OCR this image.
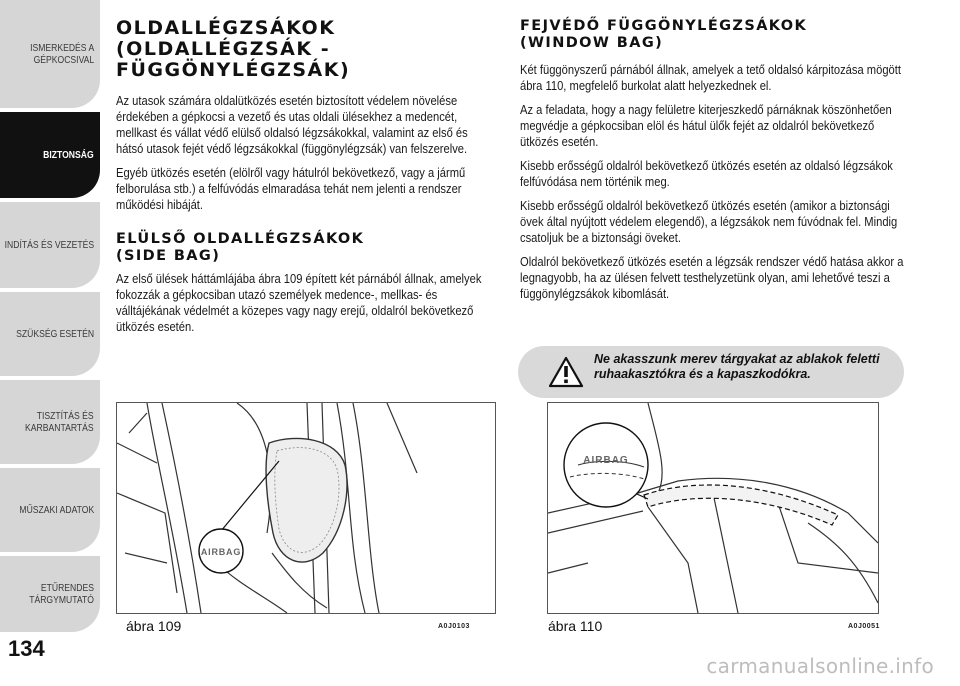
ISMERKEDÉS A
GÉPKOCSIVAL
BIZTONSÁG
INDÍTÁS ÉS VEZETÉS
SZÜKSÉG ESETÉN
TISZTÍTÁS ÉS
KARBANTARTÁS
MŰSZAKI ADATOK
ETŰRENDES
TÁRGYMUTATÓ
134
OLDALLÉGZSÁKOK (OLDALLÉGZSÁK - FÜGGÖNYLÉGZSÁK)

Az utasok számára oldalütközés esetén biztosított védelem növelése érdekében a gépkocsi a vezető és utas oldali ülésekhez a medencét, mellkast és vállat védő elülső oldalsó légzsákokkal, valamint az első és hátsó utasok fejét védő légzsákokkal (függönylégzsák) van felszerelve.

Egyéb ütközés esetén (elölről vagy hátulról bekövetkező, vagy a jármű felborulása stb.) a felfúvódás elmaradása tehát nem jelenti a rendszer működési hibáját.

ELÜLSŐ OLDALLÉGZSÁKOK (SIDE BAG)

Az első ülések háttámlájába ábra 109 épített két párnából állnak, amelyek fokozzák a gépkocsiban utazó személyek medence-, mellkas- és válltájékának védelmét a közepes vagy nagy erejű, oldalról bekövetkező ütközés esetén.

AIRBAG
ábra 109	A0J0103
FEJVÉDŐ FÜGGÖNYLÉGZSÁKOK (WINDOW BAG)

Két függönyszerű párnából állnak, amelyek a tető oldalsó kárpitozása mögött ábra 110, megfelelő burkolat alatt helyezkednek el.

Az a feladata, hogy a nagy felületre kiterjeszkedő párnáknak köszönhetően megvédje a gépkocsiban elöl és hátul ülők fejét az oldalról bekövetkező ütközés esetén.

Kisebb erősségű oldalról bekövetkező ütközés esetén az oldalsó légzsákok felfúvódása nem történik meg.

Kisebb erősségű oldalról bekövetkező ütközés esetén (amikor a biztonsági övek által nyújtott védelem elegendő), a légzsákok nem fúvódnak fel. Mindig csatoljuk be a biztonsági öveket.

Oldalról bekövetkező ütközés esetén a légzsák rendszer védő hatása akkor a legnagyobb, ha az ülésen felvett testhelyzetünk olyan, ami lehetővé teszi a függönylégzsákok kibomlását.

Ne akasszunk merev tárgyakat az ablakok feletti ruhaakasztókra és a kapaszkodókra.
AIRBAG
ábra 110	A0J0051
carmanualsonline.info
